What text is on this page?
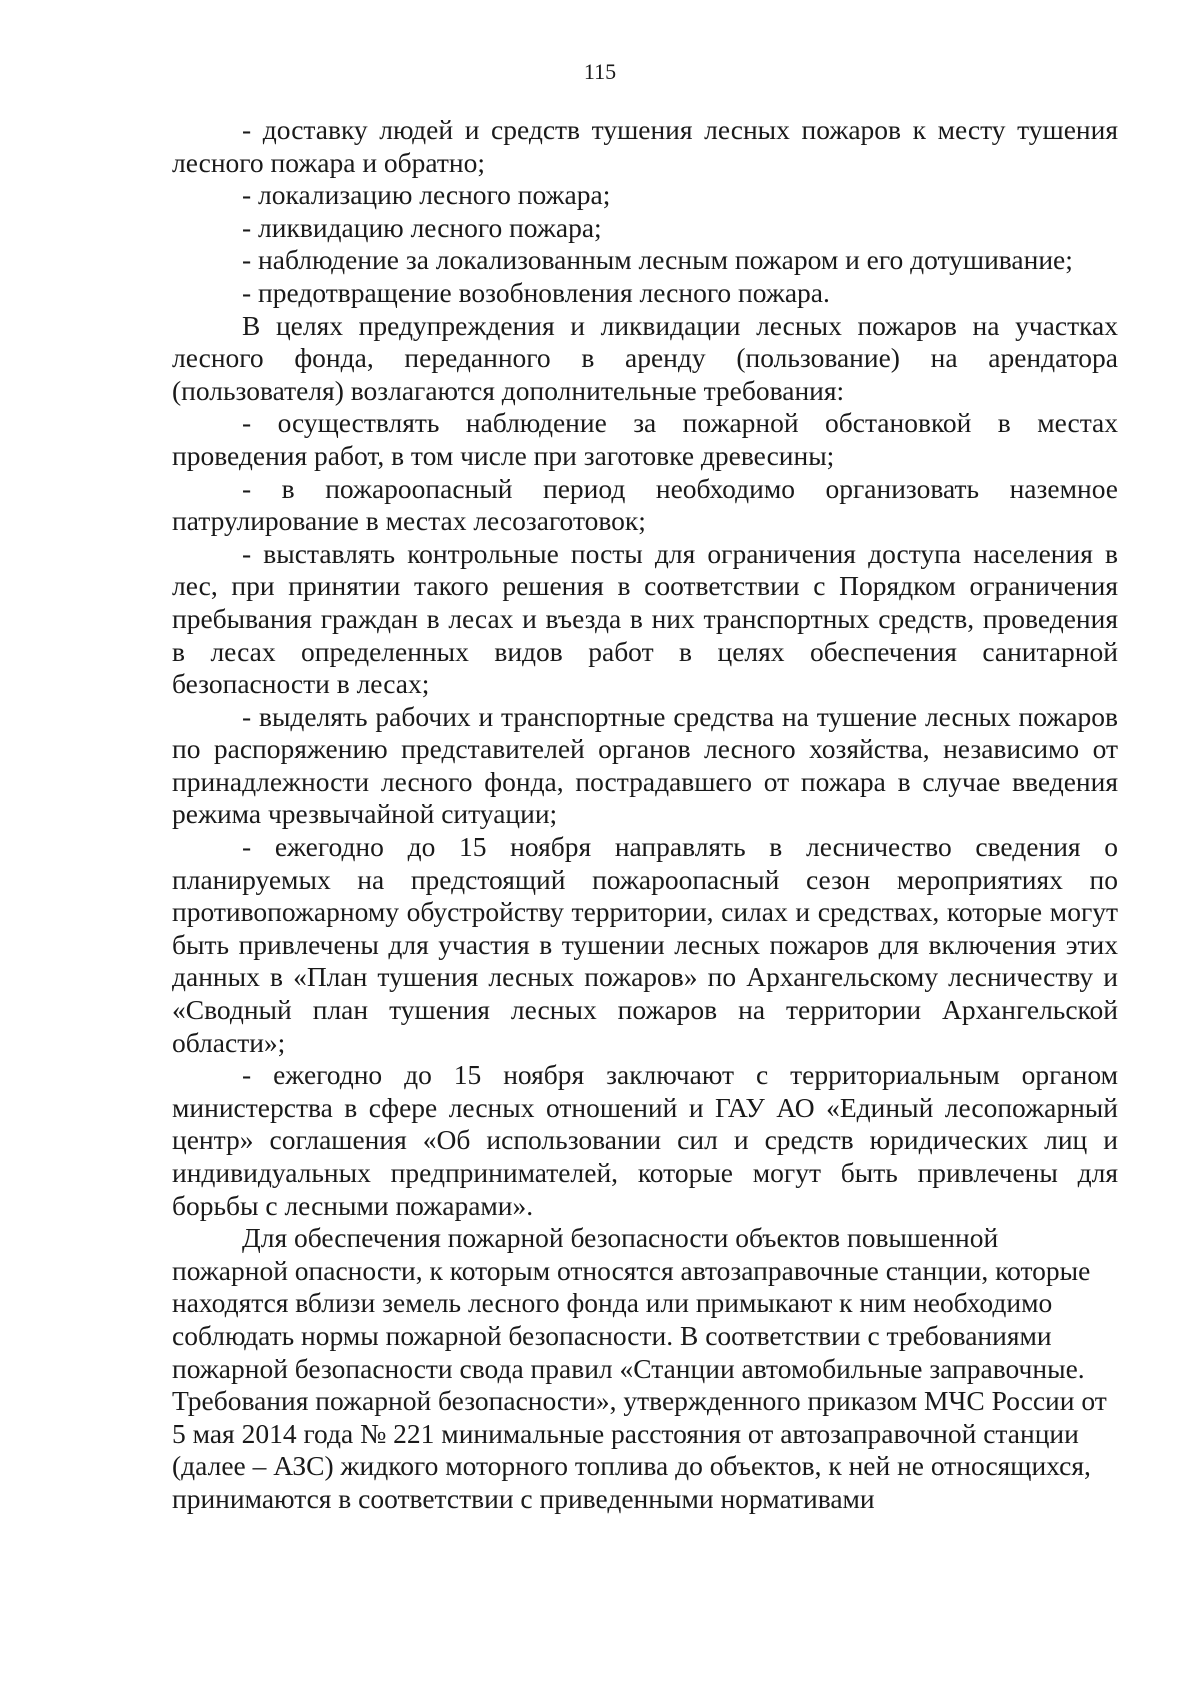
115

- доставку людей и средств тушения лесных пожаров к месту тушения лесного пожара и обратно;

- локализацию лесного пожара;

- ликвидацию лесного пожара;

- наблюдение за локализованным лесным пожаром и его дотушивание;

- предотвращение возобновления лесного пожара.

В целях предупреждения и ликвидации лесных пожаров на участках лесного фонда, переданного в аренду (пользование) на арендатора (пользователя) возлагаются дополнительные требования:

- осуществлять наблюдение за пожарной обстановкой в местах проведения работ, в том числе при заготовке древесины;

- в пожароопасный период необходимо организовать наземное патрулирование в местах лесозаготовок;

- выставлять контрольные посты для ограничения доступа населения в лес, при принятии такого решения в соответствии с Порядком ограничения пребывания граждан в лесах и въезда в них транспортных средств, проведения в лесах определенных видов работ в целях обеспечения санитарной безопасности в лесах;

- выделять рабочих и транспортные средства на тушение лесных пожаров по распоряжению представителей органов лесного хозяйства, независимо от принадлежности лесного фонда, пострадавшего от пожара в случае введения режима чрезвычайной ситуации;

- ежегодно до 15 ноября направлять в лесничество сведения о планируемых на предстоящий пожароопасный сезон мероприятиях по противопожарному обустройству территории, силах и средствах, которые могут быть привлечены для участия в тушении лесных пожаров для включения этих данных в «План тушения лесных пожаров» по Архангельскому лесничеству и «Сводный план тушения лесных пожаров на территории Архангельской области»;

- ежегодно до 15 ноября заключают с территориальным органом министерства в сфере лесных отношений и ГАУ АО «Единый лесопожарный центр» соглашения «Об использовании сил и средств юридических лиц и индивидуальных предпринимателей, которые могут быть привлечены для борьбы с лесными пожарами».

Для обеспечения пожарной безопасности объектов повышенной пожарной опасности, к которым относятся автозаправочные станции, которые находятся вблизи земель лесного фонда или примыкают к ним необходимо соблюдать нормы пожарной безопасности. В соответствии с требованиями пожарной безопасности свода правил «Станции автомобильные заправочные. Требования пожарной безопасности», утвержденного приказом МЧС России от 5 мая 2014 года № 221 минимальные расстояния от автозаправочной станции (далее – АЗС) жидкого моторного топлива до объектов, к ней не относящихся, принимаются в соответствии с приведенными нормативами
